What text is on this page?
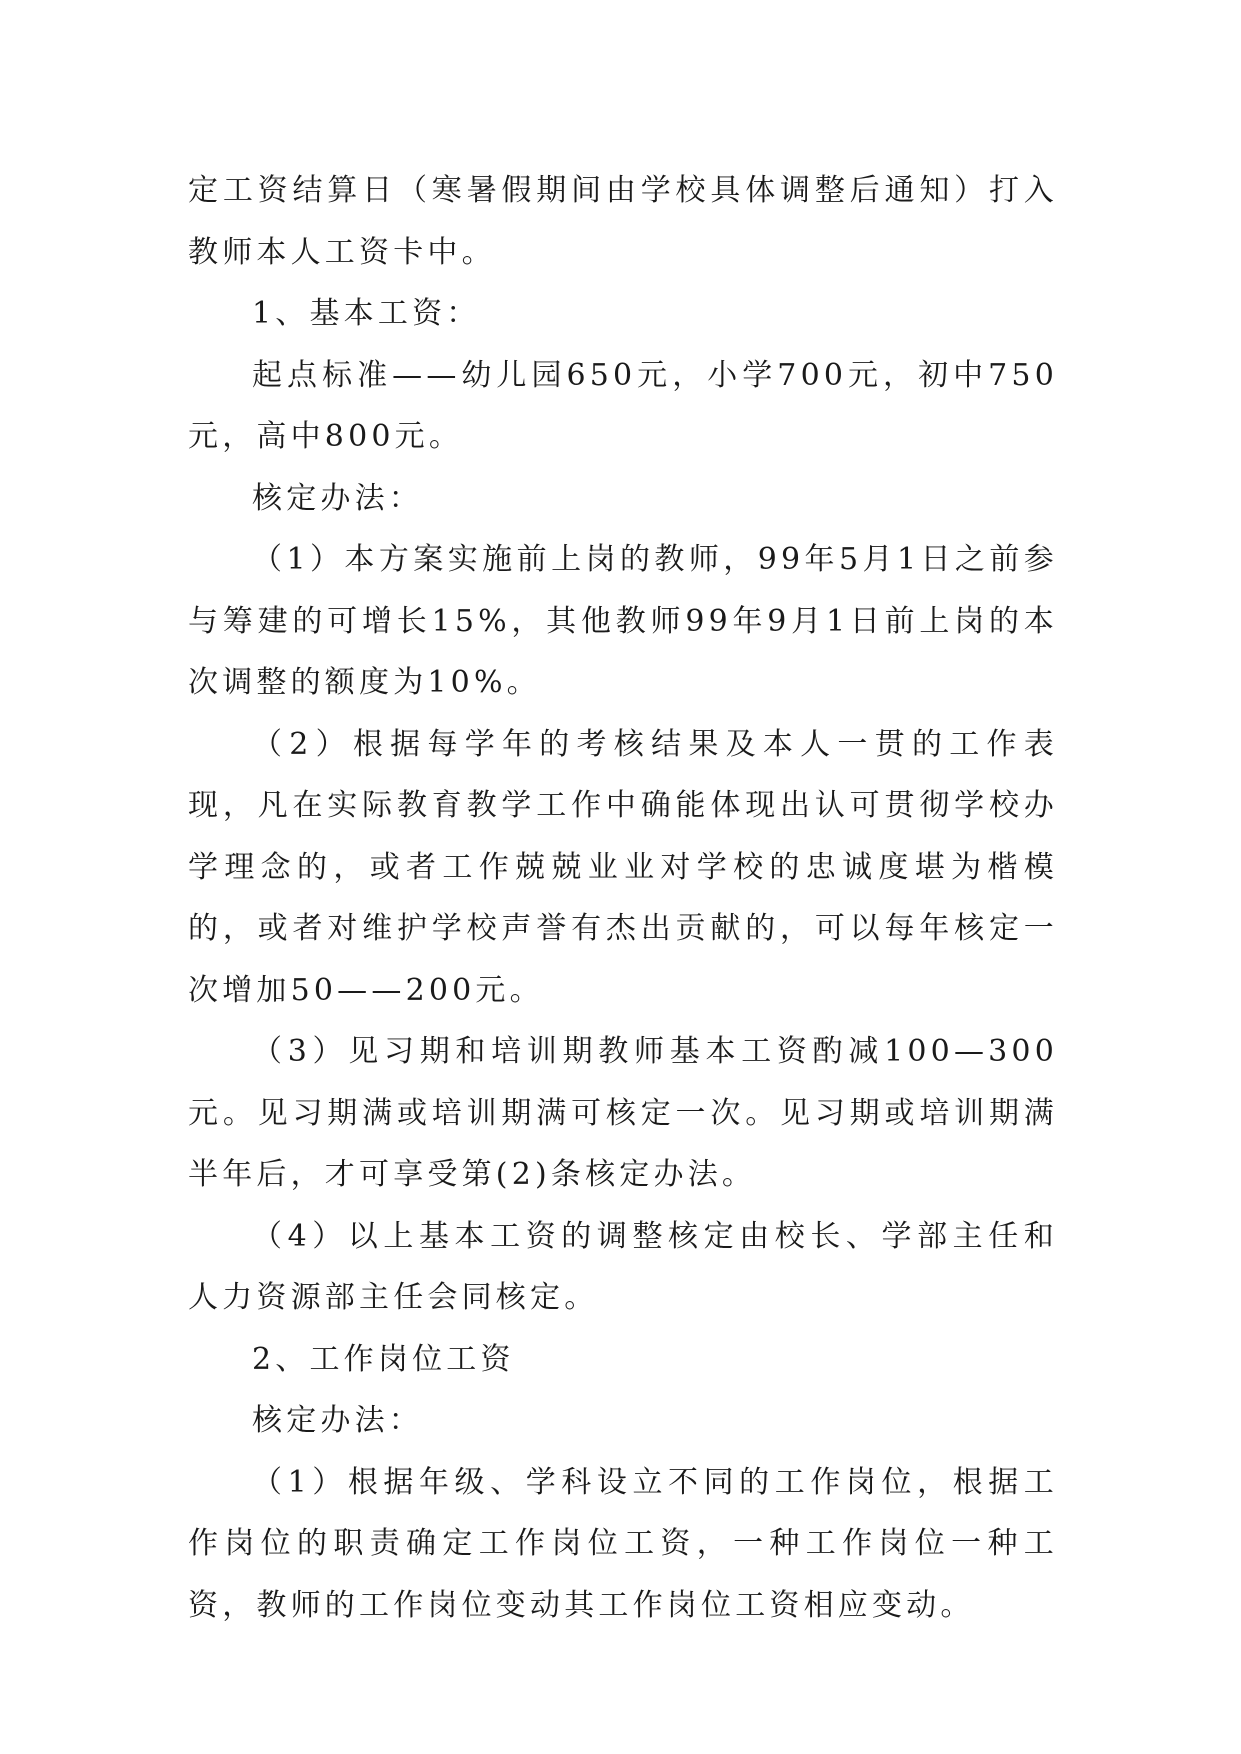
定工资结算日（寒暑假期间由学校具体调整后通知）打入教师本人工资卡中。

1、基本工资：

起点标准——幼儿园650元，小学700元，初中750元，高中800元。

核定办法：

（1）本方案实施前上岗的教师，99年5月1日之前参与筹建的可增长15%，其他教师99年9月1日前上岗的本次调整的额度为10%。

（2）根据每学年的考核结果及本人一贯的工作表现，凡在实际教育教学工作中确能体现出认可贯彻学校办学理念的，或者工作兢兢业业对学校的忠诚度堪为楷模的，或者对维护学校声誉有杰出贡献的，可以每年核定一次增加50——200元。

（3）见习期和培训期教师基本工资酌减100—300元。见习期满或培训期满可核定一次。见习期或培训期满半年后，才可享受第(2)条核定办法。

（4）以上基本工资的调整核定由校长、学部主任和人力资源部主任会同核定。

2、工作岗位工资

核定办法：

（1）根据年级、学科设立不同的工作岗位，根据工作岗位的职责确定工作岗位工资，一种工作岗位一种工资，教师的工作岗位变动其工作岗位工资相应变动。
